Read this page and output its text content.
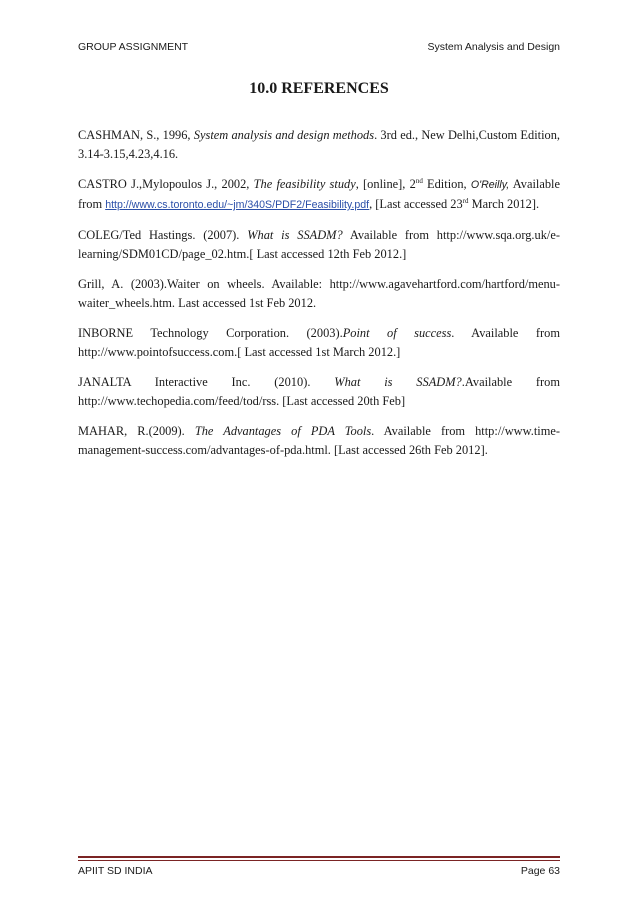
GROUP ASSIGNMENT	System Analysis and Design
10.0 REFERENCES

CASHMAN, S., 1996, System analysis and design methods. 3rd ed., New Delhi,Custom Edition, 3.14-3.15,4.23,4.16.

CASTRO J.,Mylopoulos J., 2002, The feasibility study, [online], 2nd Edition, O'Reilly, Available from http://www.cs.toronto.edu/~jm/340S/PDF2/Feasibility.pdf, [Last accessed 23rd March 2012].

COLEG/Ted Hastings. (2007). What is SSADM? Available from http://www.sqa.org.uk/e-learning/SDM01CD/page_02.htm.[ Last accessed 12th Feb 2012.]

Grill, A. (2003).Waiter on wheels. Available: http://www.agavehartford.com/hartford/menu-waiter_wheels.htm. Last accessed 1st Feb 2012.

INBORNE Technology Corporation. (2003).Point of success. Available from http://www.pointofsuccess.com.[ Last accessed 1st March 2012.]

JANALTA Interactive Inc. (2010). What is SSADM?.Available from http://www.techopedia.com/feed/tod/rss. [Last accessed 20th Feb]

MAHAR, R.(2009). The Advantages of PDA Tools. Available from http://www.time-management-success.com/advantages-of-pda.html. [Last accessed 26th Feb 2012].

APIIT SD INDIA	Page 63
